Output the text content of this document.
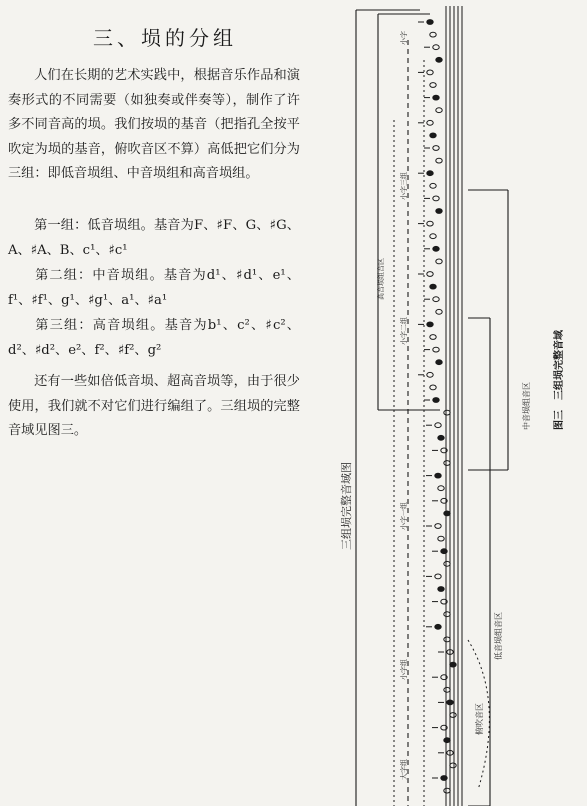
三、埙的分组
人们在长期的艺术实践中，根据音乐作品和演奏形式的不同需要（如独奏或伴奏等），制作了许多不同音高的埙。我们按埙的基音（把指孔全按平吹定为埙的基音，俯吹音区不算）高低把它们分为三组：即低音埙组、中音埙组和高音埙组。
第一组：低音埙组。基音为F、♯F、G、♯G、A、♯A、B、c¹、♯c¹
第二组：中音埙组。基音为d¹、♯d¹、e¹、f¹、♯f¹、g¹、♯g¹、a¹、♯a¹
第三组：高音埙组。基音为b¹、c²、♯c²、d²、♯d²、e²、f²、♯f²、g²
还有一些如倍低音埙、超高音埙等，由于很少使用，我们就不对它们进行编组了。三组埙的完整音域见图三。
三组埙完整音域图
高音埙组音区
中音埙组音区 图三　三组埙完整音域
低音埙组音区
俯吹音区
小字
小字三组
小字二组
小字一组
小字组
大字组
